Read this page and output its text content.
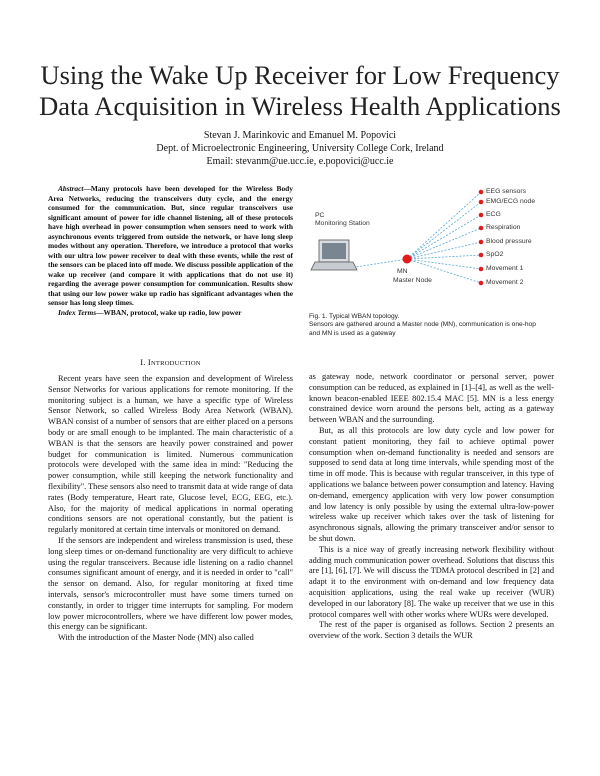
Using the Wake Up Receiver for Low Frequency
Data Acquisition in Wireless Health Applications
Stevan J. Marinkovic and Emanuel M. Popovici
Dept. of Microelectronic Engineering, University College Cork, Ireland
Email: stevanm@ue.ucc.ie, e.popovici@ucc.ie

Abstract—Many protocols have been developed for the Wireless Body Area Networks, reducing the transceivers duty cycle, and the energy consumed for the communication. But, since regular transceivers use significant amount of power for idle channel listening, all of these protocols have high overhead in power consumption when sensors need to work with asynchronous events triggered from outside the network, or have long sleep modes without any operation. Therefore, we introduce a protocol that works with our ultra low power receiver to deal with these events, while the rest of the sensors can be placed into off mode. We discuss possible application of the wake up receiver (and compare it with applications that do not use it) regarding the average power consumption for communication. Results show that using our low power wake up radio has significant advantages when the sensor has long sleep times.

Index Terms—WBAN, protocol, wake up radio, low power

I. INTRODUCTION

Recent years have seen the expansion and development of Wireless Sensor Networks for various applications for remote monitoring. If the monitoring subject is a human, we have a specific type of Wireless Sensor Network, so called Wireless Body Area Network (WBAN). WBAN consist of a number of sensors that are either placed on a persons body or are small enough to be implanted. The main characteristic of a WBAN is that the sensors are heavily power constrained and power budget for communication is limited. Numerous communication protocols were developed with the same idea in mind: "Reducing the power consumption, while still keeping the network functionality and flexibility". These sensors also need to transmit data at wide range of data rates (Body temperature, Heart rate, Glucose level, ECG, EEG, etc.). Also, for the majority of medical applications in normal operating conditions sensors are not operational constantly, but the patient is regularly monitored at certain time intervals or monitored on demand.

If the sensors are independent and wireless transmission is used, these long sleep times or on-demand functionality are very difficult to achieve using the regular transceivers. Because idle listening on a radio channel consumes significant amount of energy, and it is needed in order to "call" the sensor on demand. Also, for regular monitoring at fixed time intervals, sensor's microcontroller must have some timers turned on constantly, in order to trigger time interrupts for sampling. For modern low power microcontrollers, where we have different low power modes, this energy can be significant.

With the introduction of the Master Node (MN) also called

PC
Monitoring Station
MN
Master Node
EEG sensors
EMG/ECG node
ECG
Respiration
Blood pressure
SpO2
Movement 1
Movement 2
Fig. 1. Typical WBAN topology.
Sensors are gathered around a Master node (MN), communication is one-hop
and MN is used as a gateway

as gateway node, network coordinator or personal server, power consumption can be reduced, as explained in [1]–[4], as well as the well-known beacon-enabled IEEE 802.15.4 MAC [5]. MN is a less energy constrained device worn around the persons belt, acting as a gateway between WBAN and the surrounding.

But, as all this protocols are low duty cycle and low power for constant patient monitoring, they fail to achieve optimal power consumption when on-demand functionality is needed and sensors are supposed to send data at long time intervals, while spending most of the time in off mode. This is because with regular transceiver, in this type of applications we balance between power consumption and latency. Having on-demand, emergency application with very low power consumption and low latency is only possible by using the external ultra-low-power wireless wake up receiver which takes over the task of listening for asynchronous signals, allowing the primary transceiver and/or sensor to be shut down.

This is a nice way of greatly increasing network flexibility without adding much communication power overhead. Solutions that discuss this are [1], [6], [7]. We will discuss the TDMA protocol described in [2] and adapt it to the environment with on-demand and low frequency data acquisition applications, using the real wake up receiver (WUR) developed in our laboratory [8]. The wake up receiver that we use in this protocol compares well with other works where WURs were developed.

The rest of the paper is organised as follows. Section 2 presents an overview of the work. Section 3 details the WUR
